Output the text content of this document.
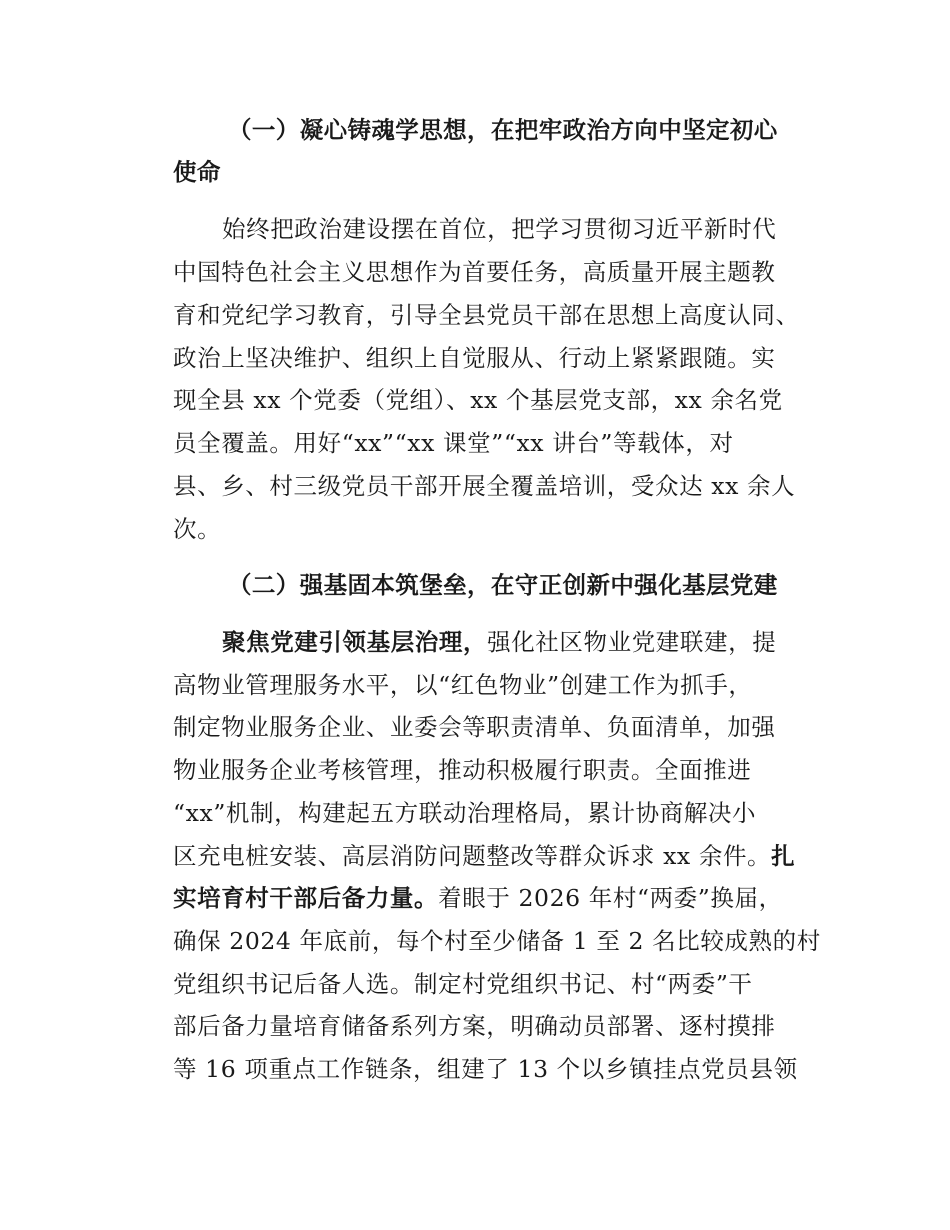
（一）凝心铸魂学思想，在把牢政治方向中坚定初心
使命
始终把政治建设摆在首位，把学习贯彻习近平新时代
中国特色社会主义思想作为首要任务，高质量开展主题教
育和党纪学习教育，引导全县党员干部在思想上高度认同、
政治上坚决维护、组织上自觉服从、行动上紧紧跟随。实
现全县 xx 个党委（党组）、xx 个基层党支部，xx 余名党
员全覆盖。用好“xx”“xx 课堂”“xx 讲台”等载体，对
县、乡、村三级党员干部开展全覆盖培训，受众达 xx 余人
次。
（二）强基固本筑堡垒，在守正创新中强化基层党建
聚焦党建引领基层治理，强化社区物业党建联建，提
高物业管理服务水平，以“红色物业”创建工作为抓手，
制定物业服务企业、业委会等职责清单、负面清单，加强
物业服务企业考核管理，推动积极履行职责。全面推进
“xx”机制，构建起五方联动治理格局，累计协商解决小
区充电桩安装、高层消防问题整改等群众诉求 xx 余件。扎
实培育村干部后备力量。着眼于 2026 年村“两委”换届，
确保 2024 年底前，每个村至少储备 1 至 2 名比较成熟的村
党组织书记后备人选。制定村党组织书记、村“两委”干
部后备力量培育储备系列方案，明确动员部署、逐村摸排
等 16 项重点工作链条，组建了 13 个以乡镇挂点党员县领
